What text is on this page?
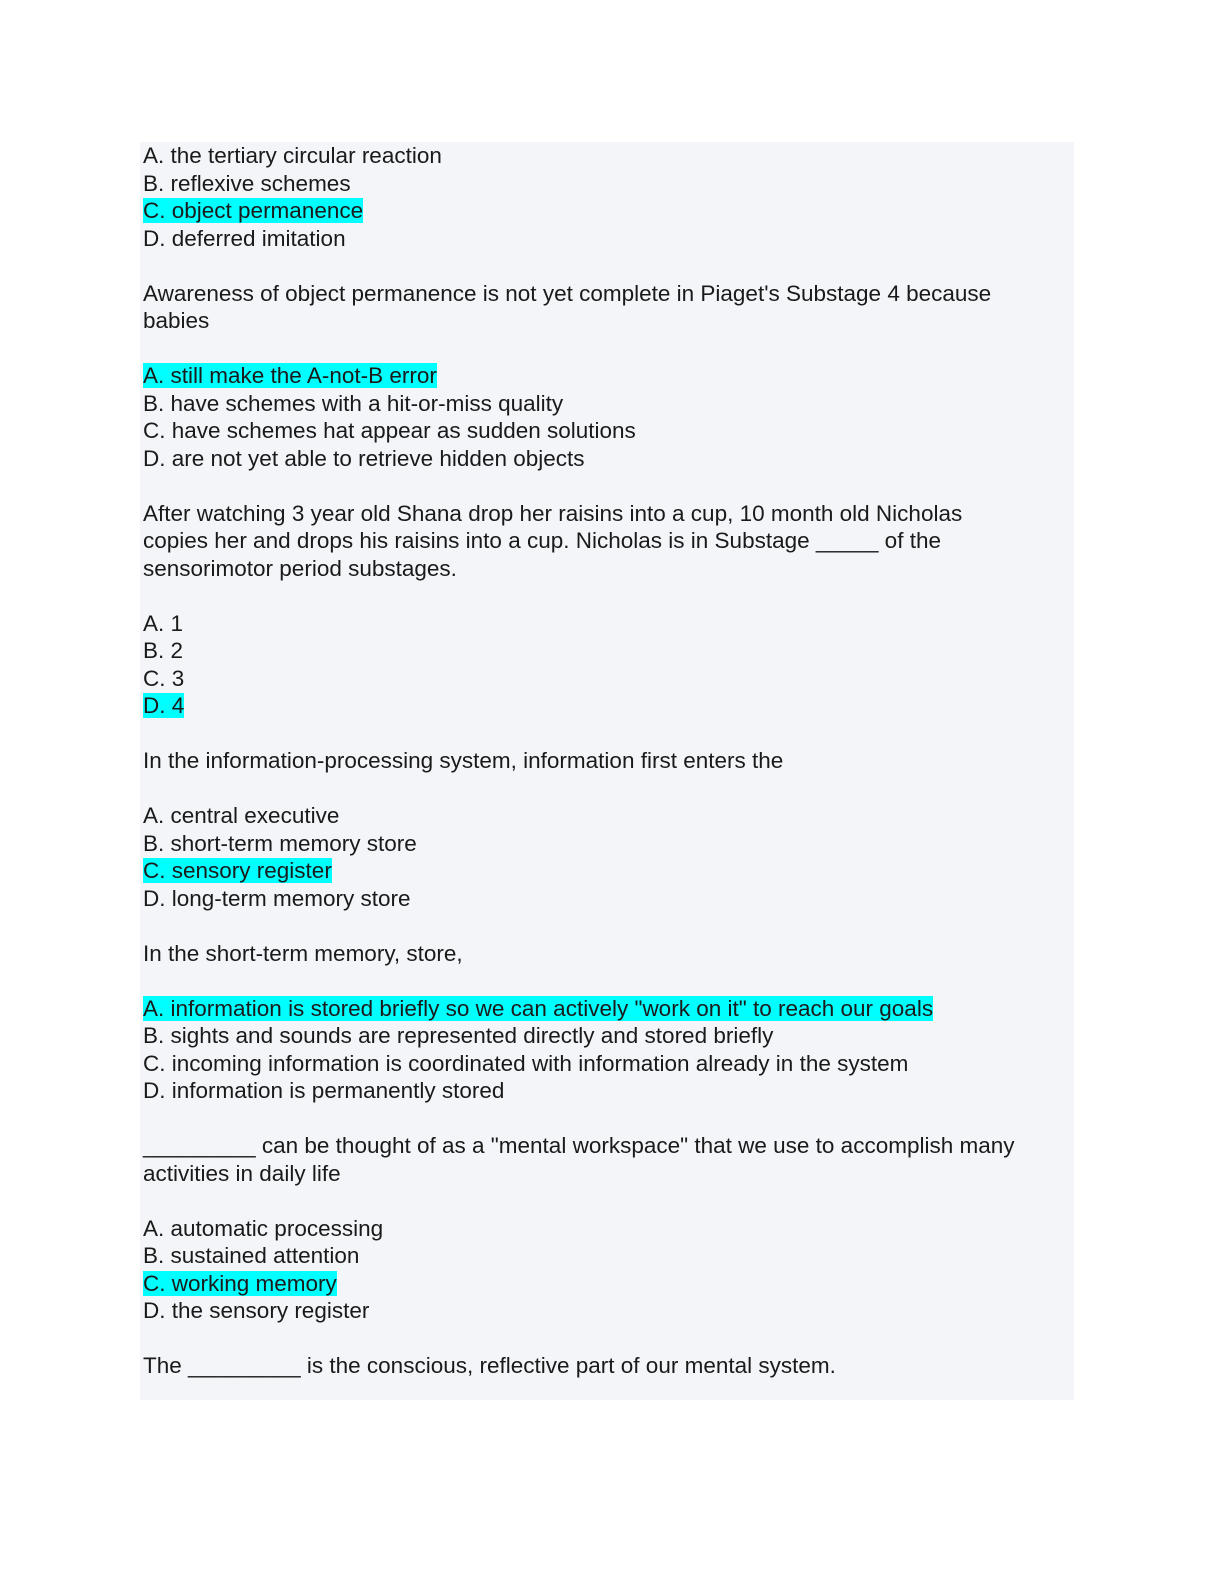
A. the tertiary circular reaction
B. reflexive schemes
C. object permanence
D. deferred imitation
Awareness of object permanence is not yet complete in Piaget's Substage 4 because
babies
A. still make the A-not-B error
B. have schemes with a hit-or-miss quality
C. have schemes hat appear as sudden solutions
D. are not yet able to retrieve hidden objects
After watching 3 year old Shana drop her raisins into a cup, 10 month old Nicholas
copies her and drops his raisins into a cup. Nicholas is in Substage _____ of the
sensorimotor period substages.
A. 1
B. 2
C. 3
D. 4
In the information-processing system, information first enters the
A. central executive
B. short-term memory store
C. sensory register
D. long-term memory store
In the short-term memory, store,
A. information is stored briefly so we can actively "work on it" to reach our goals
B. sights and sounds are represented directly and stored briefly
C. incoming information is coordinated with information already in the system
D. information is permanently stored
_________ can be thought of as a "mental workspace" that we use to accomplish many
activities in daily life
A. automatic processing
B. sustained attention
C. working memory
D. the sensory register
The _________ is the conscious, reflective part of our mental system.
